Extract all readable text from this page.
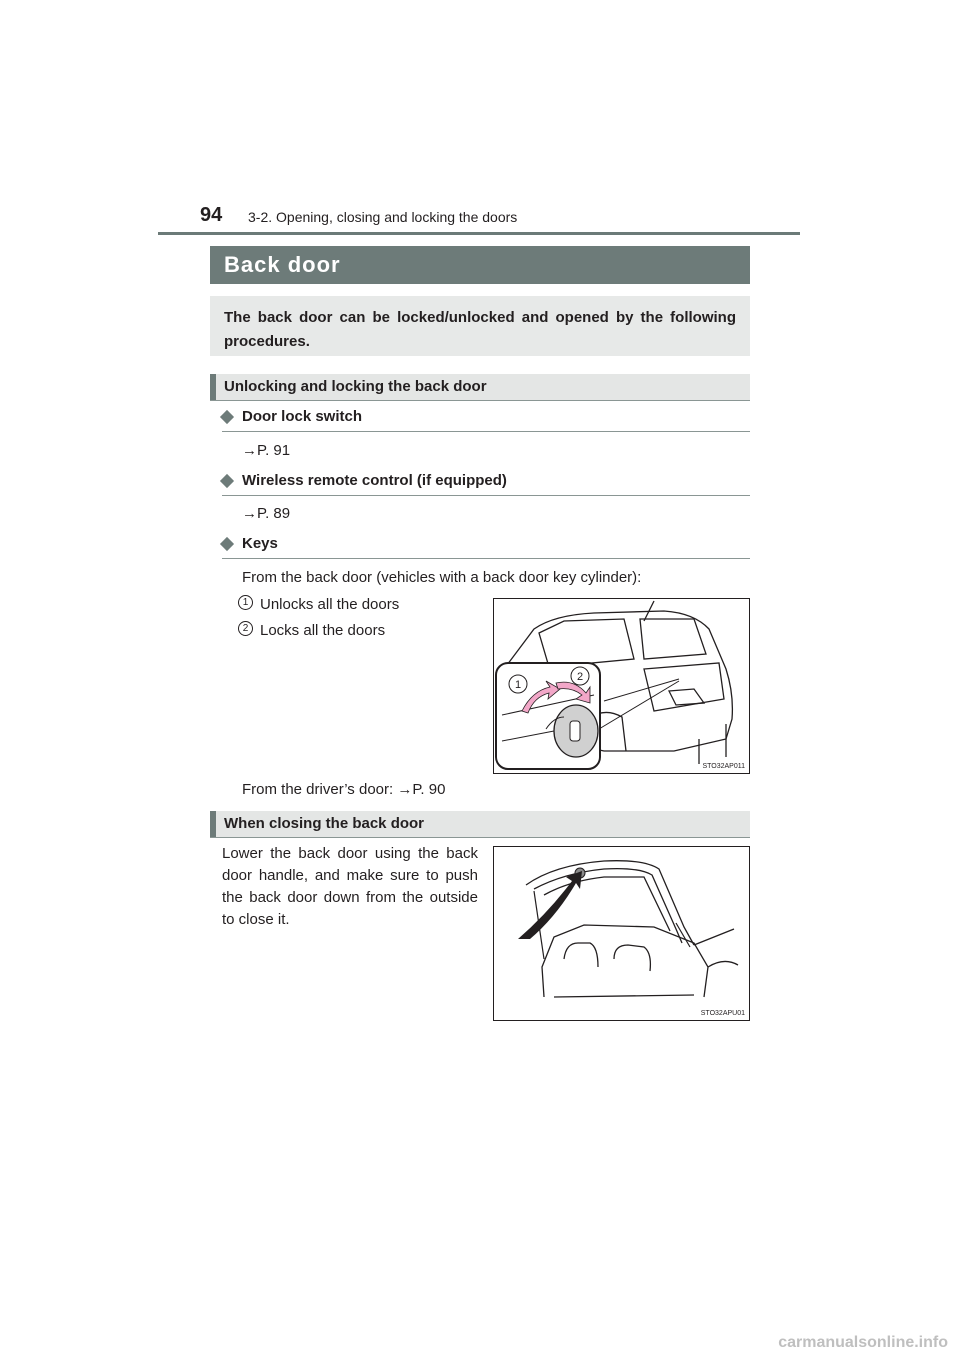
94 3-2. Opening, closing and locking the doors
Back door

The back door can be locked/unlocked and opened by the following procedures.

Unlocking and locking the back door
Door lock switch
→P. 91
Wireless remote control (if equipped)
→P. 89
Keys
From the back door (vehicles with a back door key cylinder):
1 Unlocks all the doors
2 Locks all the doors
1
2
STO32AP011
From the driver’s door: →P. 90
When closing the back door

Lower the back door using the back door handle, and make sure to push the back door down from the outside to close it.

STO32APU01
carmanualsonline.info
